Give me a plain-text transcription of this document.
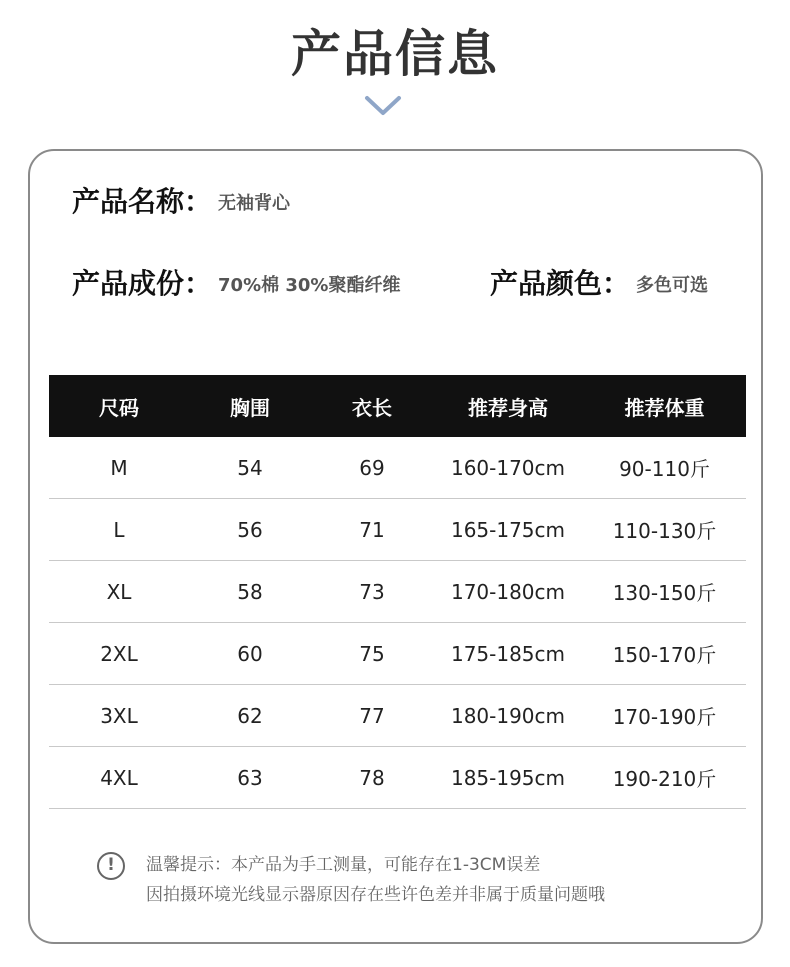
产品信息
产品名称： 无袖背心
产品成份： 70%棉 30%聚酯纤维	产品颜色： 多色可选
尺码	胸围	衣长	推荐身高	推荐体重
M	54	69	160-170cm	90-110斤
L	56	71	165-175cm	110-130斤
XL	58	73	170-180cm	130-150斤
2XL	60	75	175-185cm	150-170斤
3XL	62	77	180-190cm	170-190斤
4XL	63	78	185-195cm	190-210斤
!	温馨提示：本产品为手工测量，可能存在1-3CM误差
因拍摄环境光线显示器原因存在些许色差并非属于质量问题哦
